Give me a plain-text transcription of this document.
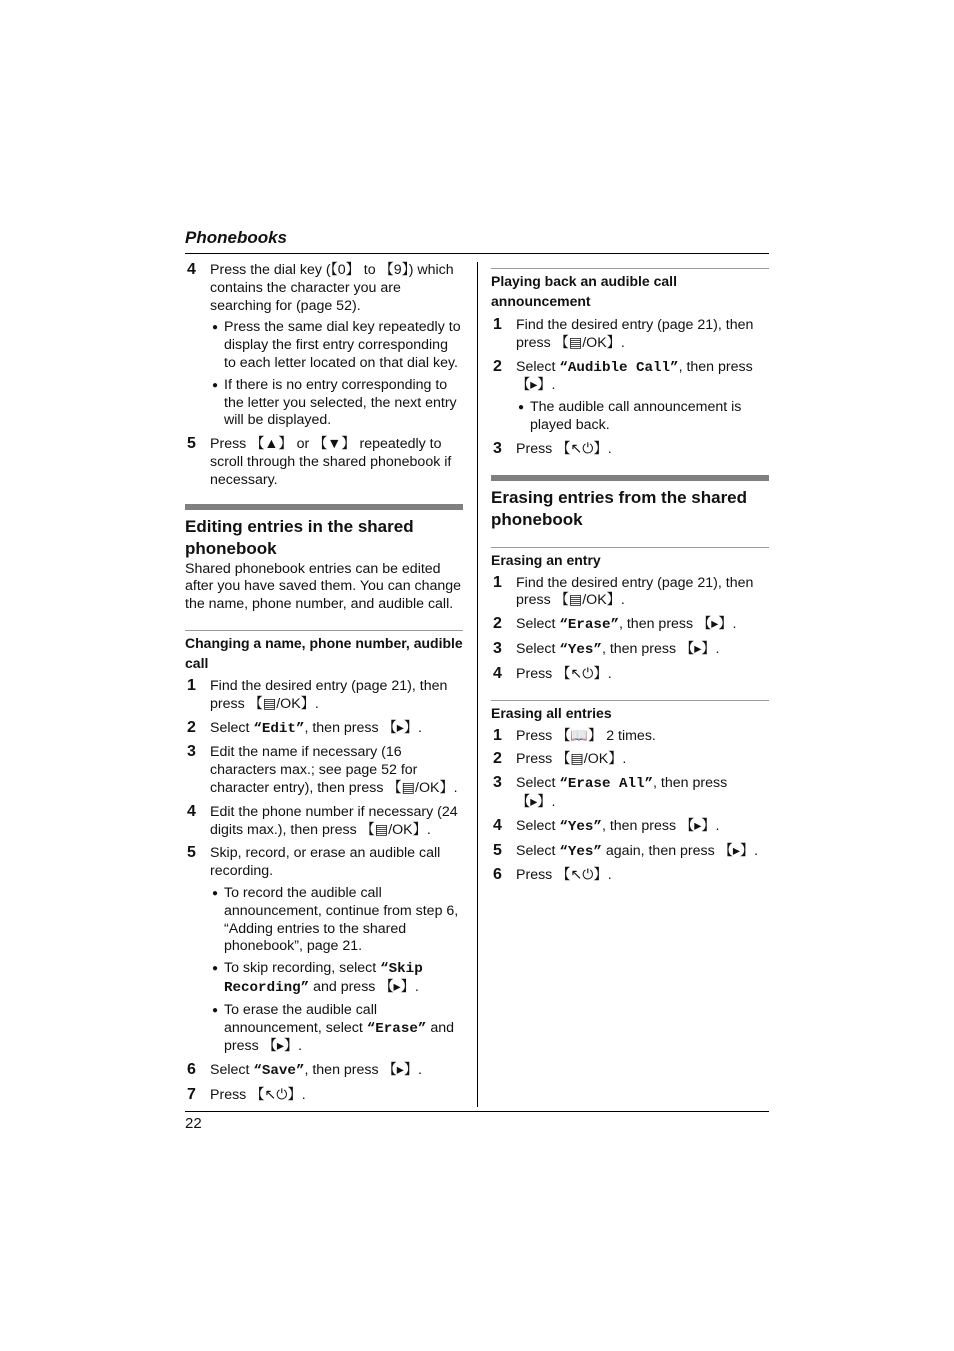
Phonebooks
4 Press the dial key (【0】 to 【9】) which contains the character you are searching for (page 52).
● Press the same dial key repeatedly to display the first entry corresponding to each letter located on that dial key.
● If there is no entry corresponding to the letter you selected, the next entry will be displayed.
5 Press 【▲】 or 【▼】 repeatedly to scroll through the shared phonebook if necessary.
Editing entries in the shared phonebook
Shared phonebook entries can be edited after you have saved them. You can change the name, phone number, and audible call.
Changing a name, phone number, audible call
1 Find the desired entry (page 21), then press 【▤/OK】.
2 Select “Edit”, then press 【▸】.
3 Edit the name if necessary (16 characters max.; see page 52 for character entry), then press 【▤/OK】.
4 Edit the phone number if necessary (24 digits max.), then press 【▤/OK】.
5 Skip, record, or erase an audible call recording.
● To record the audible call announcement, continue from step 6, “Adding entries to the shared phonebook”, page 21.
● To skip recording, select “Skip Recording” and press 【▸】.
● To erase the audible call announcement, select “Erase” and press 【▸】.
6 Select “Save”, then press 【▸】.
7 Press 【↖⏻】.
Playing back an audible call announcement
1 Find the desired entry (page 21), then press 【▤/OK】.
2 Select “Audible Call”, then press 【▸】.
● The audible call announcement is played back.
3 Press 【↖⏻】.
Erasing entries from the shared phonebook
Erasing an entry
1 Find the desired entry (page 21), then press 【▤/OK】.
2 Select “Erase”, then press 【▸】.
3 Select “Yes”, then press 【▸】.
4 Press 【↖⏻】.
Erasing all entries
1 Press 【📖】 2 times.
2 Press 【▤/OK】.
3 Select “Erase All”, then press 【▸】.
4 Select “Yes”, then press 【▸】.
5 Select “Yes” again, then press 【▸】.
6 Press 【↖⏻】.
22
